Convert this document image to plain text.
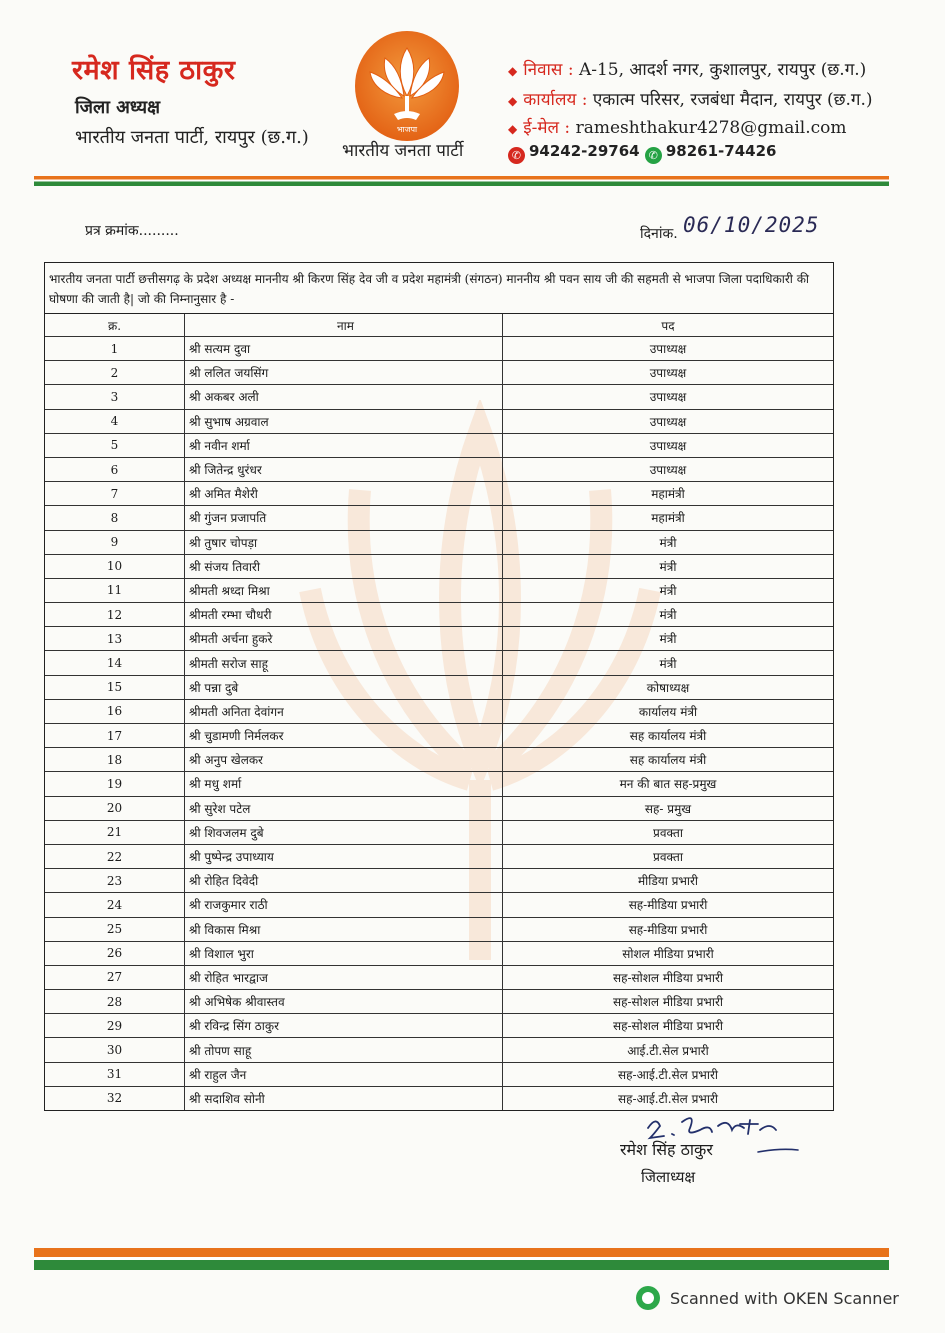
रमेश सिंह ठाकुर
जिला अध्यक्ष
भारतीय जनता पार्टी, रायपुर (छ.ग.)	भाजपा
भारतीय जनता पार्टी
◆ निवास : A-15, आदर्श नगर, कुशालपुर, रायपुर (छ.ग.)
◆ कार्यालय : एकात्म परिसर, रजबंधा मैदान, रायपुर (छ.ग.)
◆ ई-मेल : rameshthakur4278@gmail.com
✆ 94242-29764 ✆ 98261-74426
प्रत्र क्रमांक.........	दिनांक. 06/10/2025
भारतीय जनता पार्टी छत्तीसगढ़ के प्रदेश अध्यक्ष माननीय श्री किरण सिंह देव जी व प्रदेश महामंत्री (संगठन) माननीय श्री पवन साय जी की सहमती से भाजपा जिला पदाधिकारी की घोषणा की जाती है| जो की निम्नानुसार है -
क्र.	नाम	पद
1	श्री सत्यम दुवा	उपाध्यक्ष
2	श्री ललित जयसिंग	उपाध्यक्ष
3	श्री अकबर अली	उपाध्यक्ष
4	श्री सुभाष अग्रवाल	उपाध्यक्ष
5	श्री नवीन शर्मा	उपाध्यक्ष
6	श्री जितेन्द्र धुरंधर	उपाध्यक्ष
7	श्री अमित मैशेरी	महामंत्री
8	श्री गुंजन प्रजापति	महामंत्री
9	श्री तुषार चोपड़ा	मंत्री
10	श्री संजय तिवारी	मंत्री
11	श्रीमती श्रध्दा मिश्रा	मंत्री
12	श्रीमती रम्भा चौधरी	मंत्री
13	श्रीमती अर्चना हुकरे	मंत्री
14	श्रीमती सरोज साहू	मंत्री
15	श्री पन्ना दुबे	कोषाध्यक्ष
16	श्रीमती अनिता देवांगन	कार्यालय मंत्री
17	श्री चुडामणी निर्मलकर	सह कार्यालय मंत्री
18	श्री अनुप खेलकर	सह कार्यालय मंत्री
19	श्री मधु शर्मा	मन की बात सह-प्रमुख
20	श्री सुरेश पटेल	सह- प्रमुख
21	श्री शिवजलम दुबे	प्रवक्ता
22	श्री पुष्पेन्द्र उपाध्याय	प्रवक्ता
23	श्री रोहित दिवेदी	मीडिया प्रभारी
24	श्री राजकुमार राठी	सह-मीडिया प्रभारी
25	श्री विकास मिश्रा	सह-मीडिया प्रभारी
26	श्री विशाल भुरा	सोशल मीडिया प्रभारी
27	श्री रोहित भारद्वाज	सह-सोशल मीडिया प्रभारी
28	श्री अभिषेक श्रीवास्तव	सह-सोशल मीडिया प्रभारी
29	श्री रविन्द्र सिंग ठाकुर	सह-सोशल मीडिया प्रभारी
30	श्री तोपण साहू	आई.टी.सेल प्रभारी
31	श्री राहुल जैन	सह-आई.टी.सेल प्रभारी
32	श्री सदाशिव सोनी	सह-आई.टी.सेल प्रभारी
रमेश सिंह ठाकुर
जिलाध्यक्ष
Scanned with OKEN Scanner
